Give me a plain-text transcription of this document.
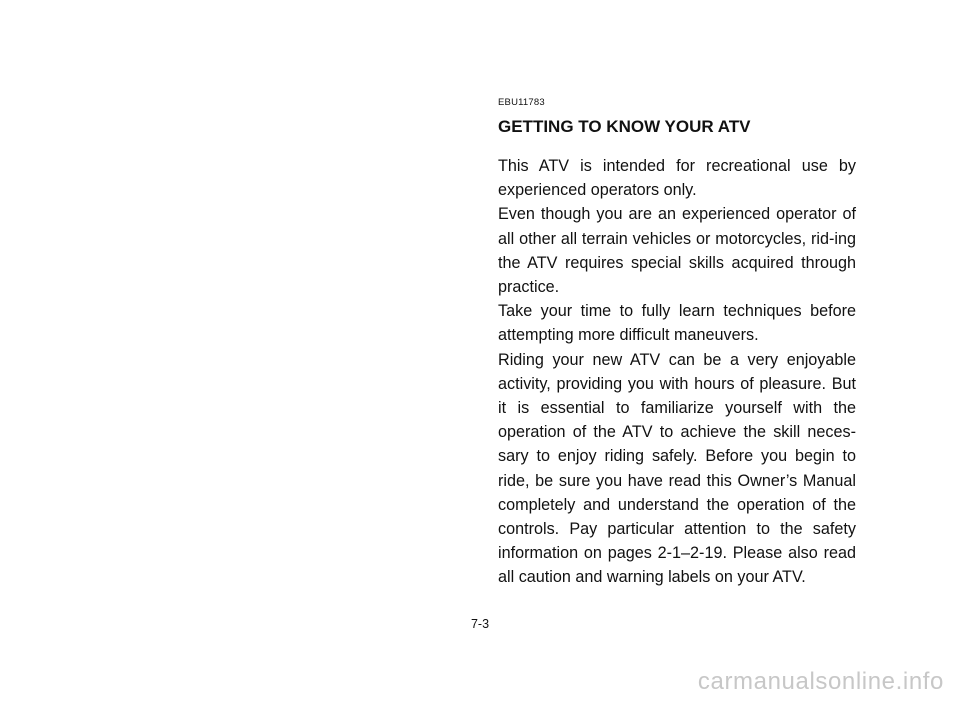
EBU11783
GETTING TO KNOW YOUR ATV

This ATV is intended for recreational use by experienced operators only.

Even though you are an experienced operator of all other all terrain vehicles or motorcycles, rid-ing the ATV requires special skills acquired through practice.

Take your time to fully learn techniques before attempting more difficult maneuvers.

Riding your new ATV can be a very enjoyable activity, providing you with hours of pleasure. But it is essential to familiarize yourself with the operation of the ATV to achieve the skill neces-sary to enjoy riding safely. Before you begin to ride, be sure you have read this Owner’s Manual completely and understand the operation of the controls. Pay particular attention to the safety information on pages 2-1–2-19. Please also read all caution and warning labels on your ATV.

7-3
carmanualsonline.info
